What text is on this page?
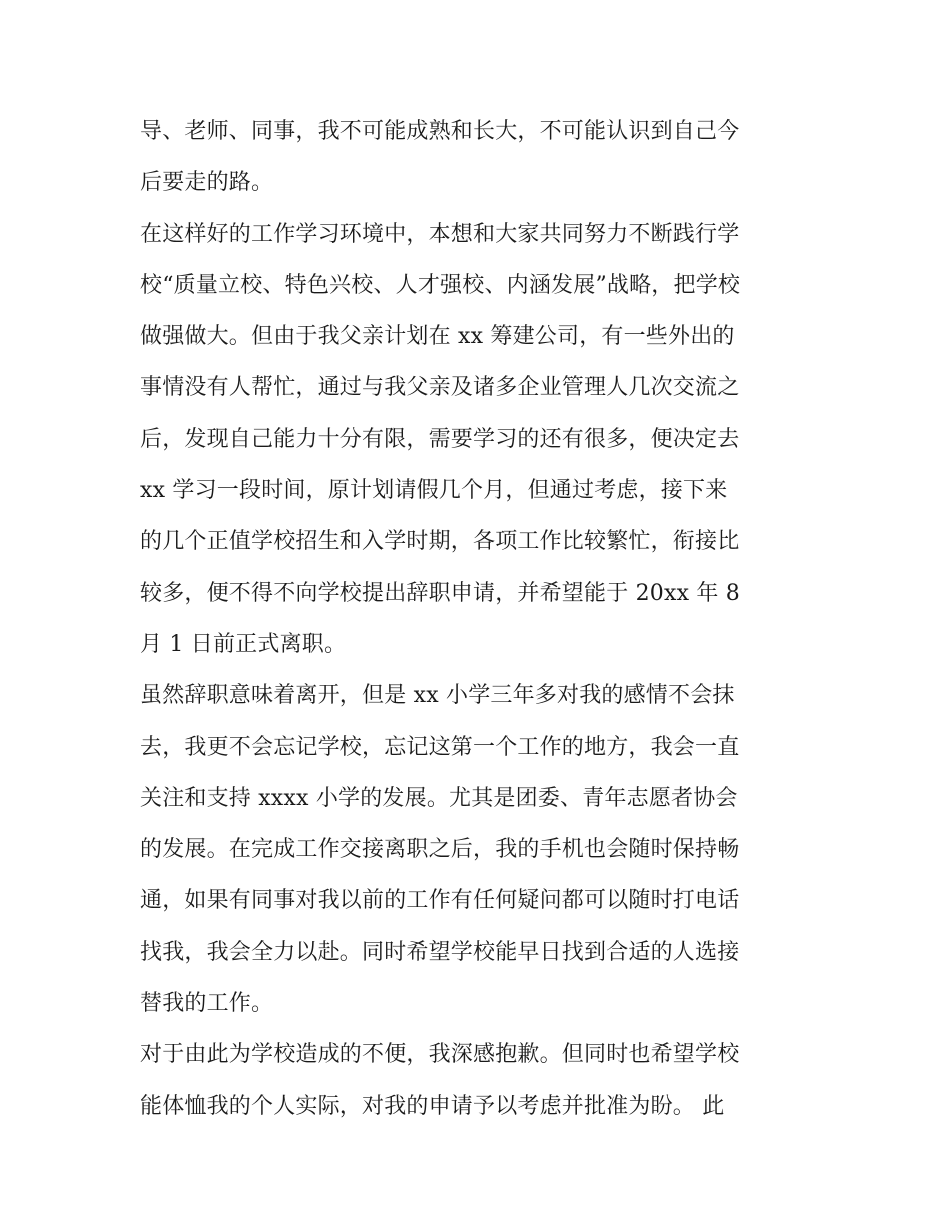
导、老师、同事，我不可能成熟和长大，不可能认识到自己今
后要走的路。
在这样好的工作学习环境中，本想和大家共同努力不断践行学
校“质量立校、特色兴校、人才强校、内涵发展”战略，把学校
做强做大。但由于我父亲计划在 xx 筹建公司，有一些外出的
事情没有人帮忙，通过与我父亲及诸多企业管理人几次交流之
后，发现自己能力十分有限，需要学习的还有很多，便决定去
xx 学习一段时间，原计划请假几个月，但通过考虑，接下来
的几个正值学校招生和入学时期，各项工作比较繁忙，衔接比
较多，便不得不向学校提出辞职申请，并希望能于 20xx 年 8
月 1 日前正式离职。
虽然辞职意味着离开，但是 xx 小学三年多对我的感情不会抹
去，我更不会忘记学校，忘记这第一个工作的地方，我会一直
关注和支持 xxxx 小学的发展。尤其是团委、青年志愿者协会
的发展。在完成工作交接离职之后，我的手机也会随时保持畅
通，如果有同事对我以前的工作有任何疑问都可以随时打电话
找我，我会全力以赴。同时希望学校能早日找到合适的人选接
替我的工作。
对于由此为学校造成的不便，我深感抱歉。但同时也希望学校
能体恤我的个人实际，对我的申请予以考虑并批准为盼。 此
